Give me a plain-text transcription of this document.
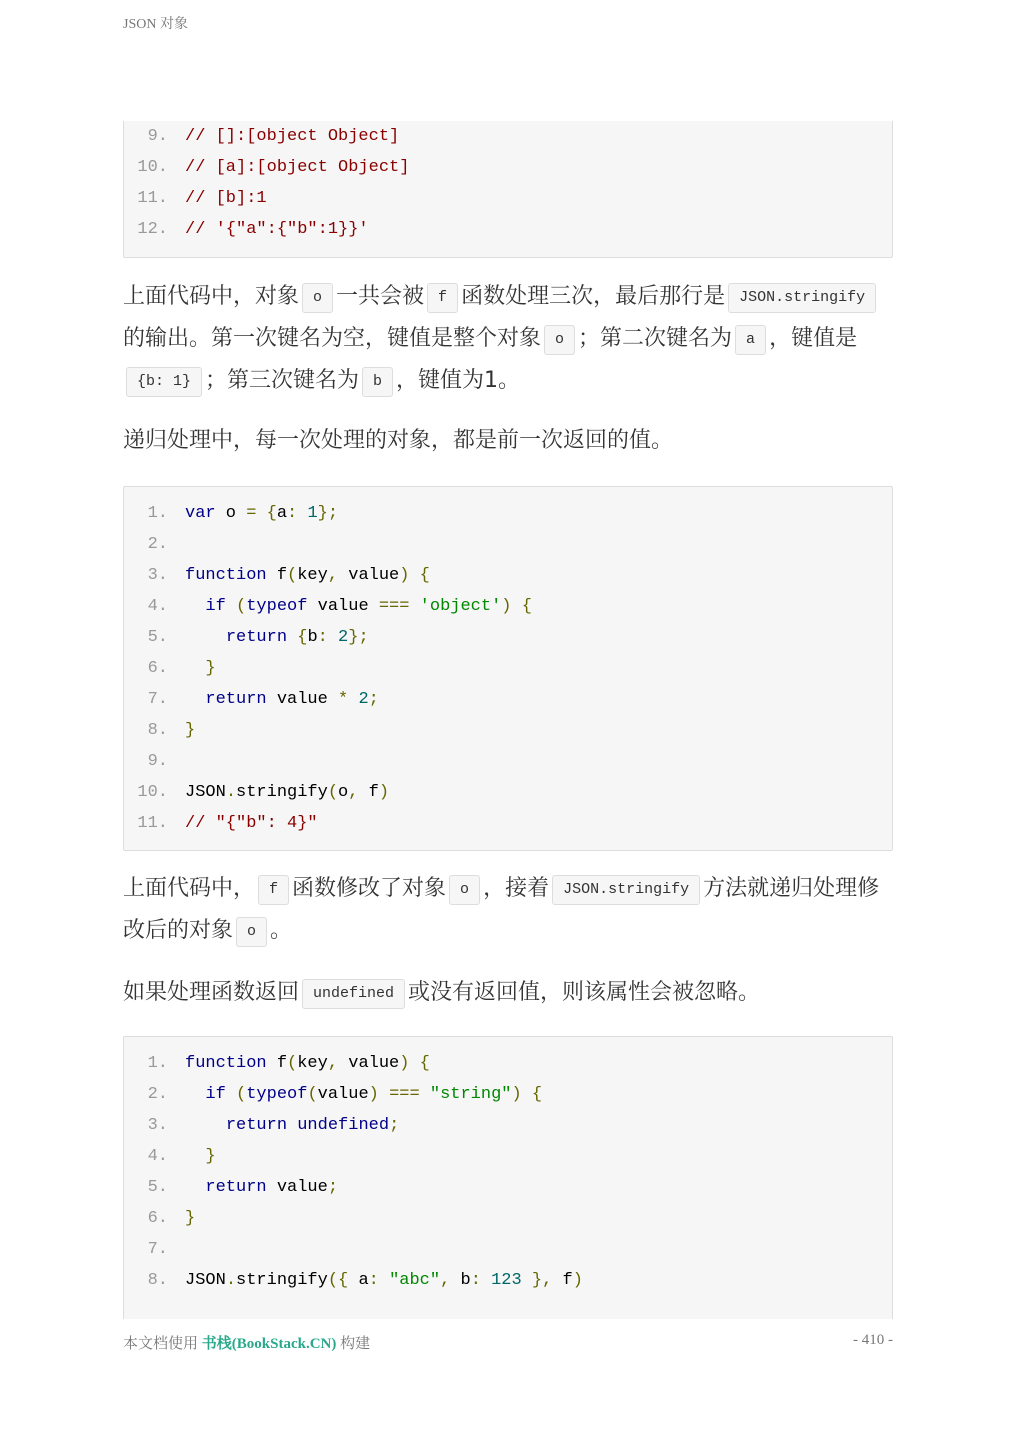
JSON 对象
9. // []:[object Object]
10. // [a]:[object Object]
11. // [b]:1
12. // '{"a":{"b":1}}'

上面代码中，对象 o 一共会被 f 函数处理三次，最后那行是 JSON.stringify的输出。第一次键名为空，键值是整个对象 o ；第二次键名为 a ，键值是{b: 1} ；第三次键名为 b ，键值为1。

递归处理中，每一次处理的对象，都是前一次返回的值。

1. var o = {a: 1};
2.
3. function f(key, value) {
4. if (typeof value === 'object') {
5.	return {b: 2};
6. }
7. return value * 2;
8. }
9.
10. JSON.stringify(o, f)
11. // "{"b": 4}"

上面代码中， f 函数修改了对象 o ，接着 JSON.stringify 方法就递归处理修改后的对象 o 。

如果处理函数返回 undefined 或没有返回值，则该属性会被忽略。

1. function f(key, value) {
2. if (typeof(value) === "string") {
3.	return undefined;
4. }
5. return value;
6. }
7.
8. JSON.stringify({ a: "abc", b: 123 }, f)
本文档使用 书栈(BookStack.CN) 构建	- 410 -
